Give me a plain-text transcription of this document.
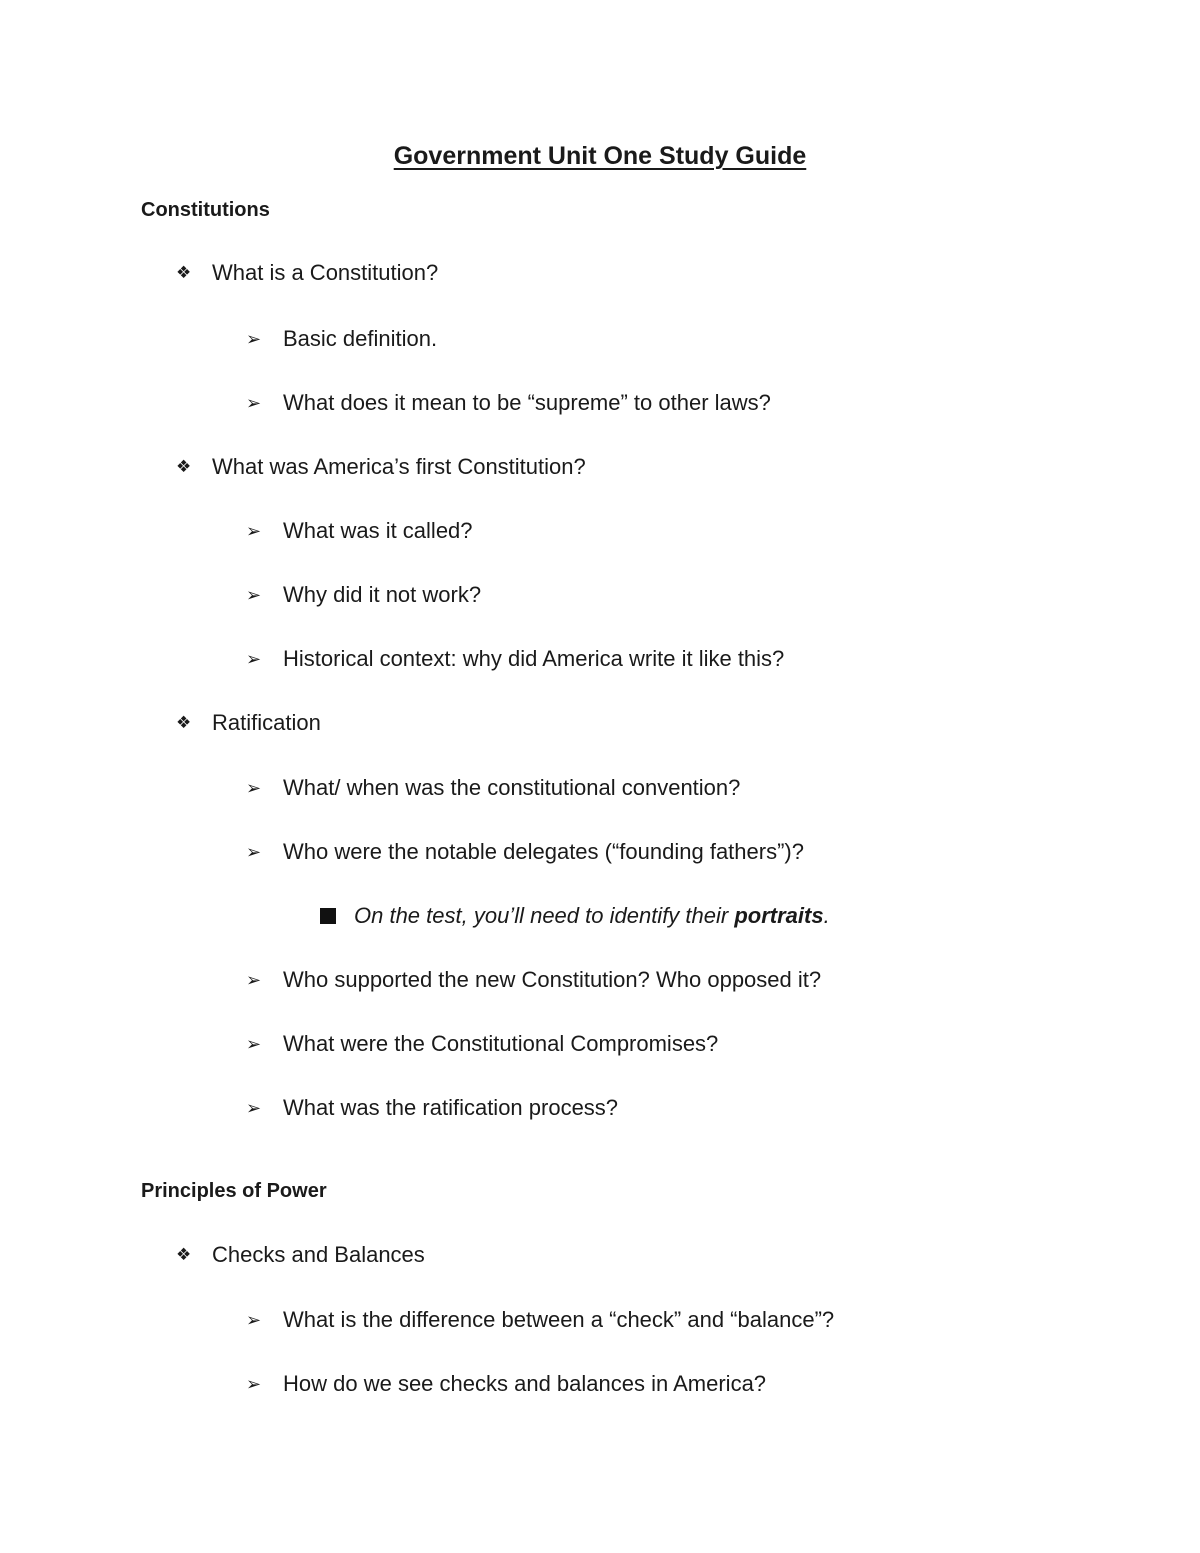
Government Unit One Study Guide
Constitutions
❖ What is a Constitution?
➢ Basic definition.
➢ What does it mean to be “supreme” to other laws?
❖ What was America’s first Constitution?
➢ What was it called?
➢ Why did it not work?
➢ Historical context: why did America write it like this?
❖ Ratification
➢ What/ when was the constitutional convention?
➢ Who were the notable delegates (“founding fathers”)?
On the test, you’ll need to identify their portraits.
➢ Who supported the new Constitution? Who opposed it?
➢ What were the Constitutional Compromises?
➢ What was the ratification process?
Principles of Power
❖ Checks and Balances
➢ What is the difference between a “check” and “balance”?
➢ How do we see checks and balances in America?
